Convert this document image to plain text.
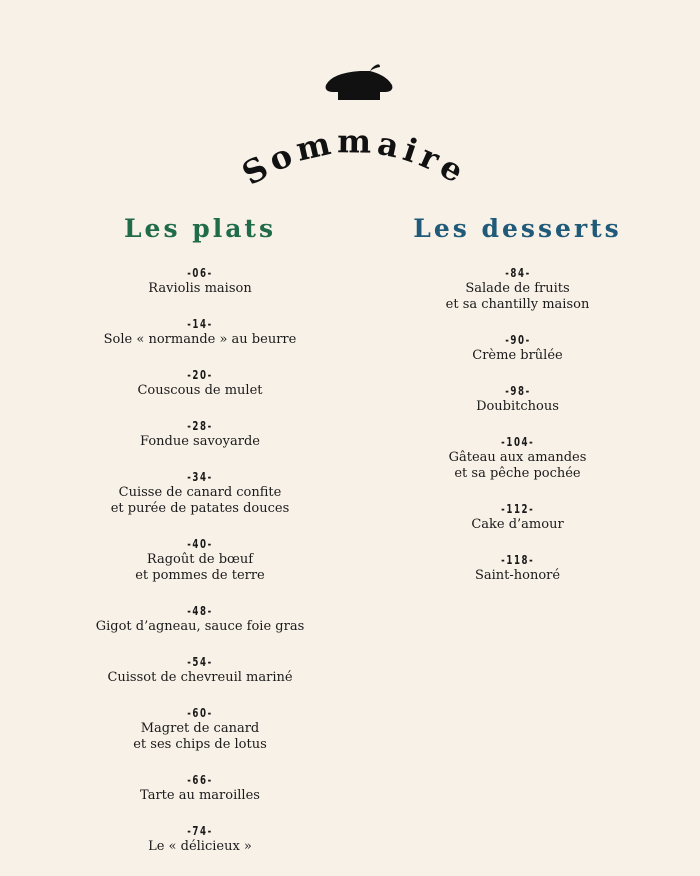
Sommaire
Les plats
-06-
Raviolis maison
-14-
Sole « normande » au beurre
-20-
Couscous de mulet
-28-
Fondue savoyarde
-34-
Cuisse de canard confite
et purée de patates douces
-40-
Ragoût de bœuf
et pommes de terre
-48-
Gigot d’agneau, sauce foie gras
-54-
Cuissot de chevreuil mariné
-60-
Magret de canard
et ses chips de lotus
-66-
Tarte au maroilles
-74-
Le « délicieux »
Les desserts
-84-
Salade de fruits
et sa chantilly maison
-90-
Crème brûlée
-98-
Doubitchous
-104-
Gâteau aux amandes
et sa pêche pochée
-112-
Cake d’amour
-118-
Saint-honoré
